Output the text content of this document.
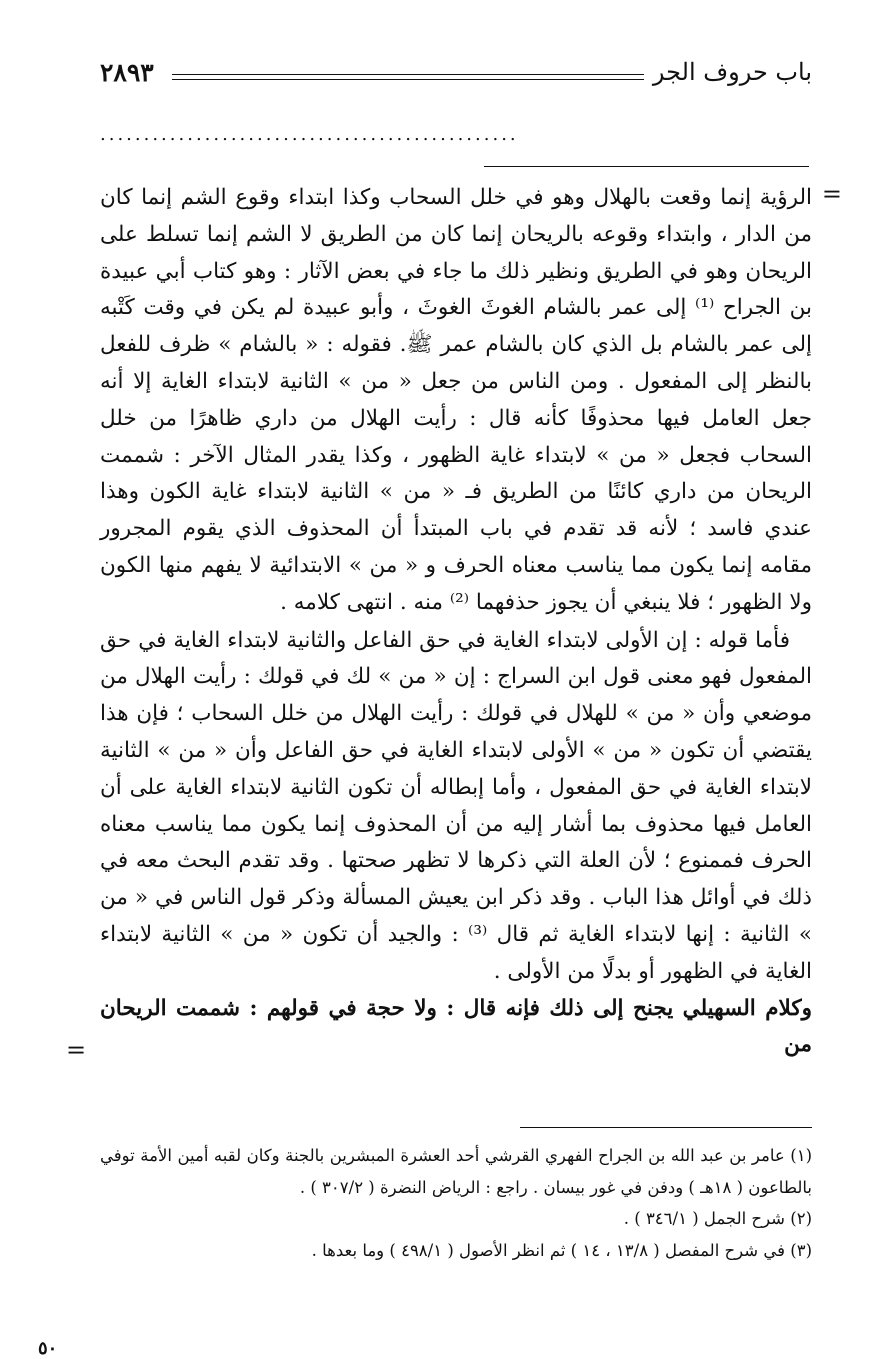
٢٨٩٣	باب حروف الجر
................................................
=

الرؤية إنما وقعت بالهلال وهو في خلل السحاب وكذا ابتداء وقوع الشم إنما كان من الدار ، وابتداء وقوعه بالريحان إنما كان من الطريق لا الشم إنما تسلط على الريحان وهو في الطريق ونظير ذلك ما جاء في بعض الآثار : وهو كتاب أبي عبيدة بن الجراح ⁽¹⁾ إلى عمر بالشام الغوثَ الغوثَ ، وأبو عبيدة لم يكن في وقت كَتْبه إلى عمر بالشام بل الذي كان بالشام عمر ﷺ. فقوله : « بالشام » ظرف للفعل بالنظر إلى المفعول . ومن الناس من جعل « من » الثانية لابتداء الغاية إلا أنه جعل العامل فيها محذوفًا كأنه قال : رأيت الهلال من داري ظاهرًا من خلل السحاب فجعل « من » لابتداء غاية الظهور ، وكذا يقدر المثال الآخر : شممت الريحان من داري كائنًا من الطريق فـ « من » الثانية لابتداء غاية الكون وهذا عندي فاسد ؛ لأنه قد تقدم في باب المبتدأ أن المحذوف الذي يقوم المجرور مقامه إنما يكون مما يناسب معناه الحرف و « من » الابتدائية لا يفهم منها الكون ولا الظهور ؛ فلا ينبغي أن يجوز حذفهما ⁽²⁾ منه . انتهى كلامه .

فأما قوله : إن الأولى لابتداء الغاية في حق الفاعل والثانية لابتداء الغاية في حق المفعول فهو معنى قول ابن السراج : إن « من » لك في قولك : رأيت الهلال من موضعي وأن « من » للهلال في قولك : رأيت الهلال من خلل السحاب ؛ فإن هذا يقتضي أن تكون « من » الأولى لابتداء الغاية في حق الفاعل وأن « من » الثانية لابتداء الغاية في حق المفعول ، وأما إبطاله أن تكون الثانية لابتداء الغاية على أن العامل فيها محذوف بما أشار إليه من أن المحذوف إنما يكون مما يناسب معناه الحرف فممنوع ؛ لأن العلة التي ذكرها لا تظهر صحتها . وقد تقدم البحث معه في ذلك في أوائل هذا الباب . وقد ذكر ابن يعيش المسألة وذكر قول الناس في « من » الثانية : إنها لابتداء الغاية ثم قال ⁽³⁾ : والجيد أن تكون « من » الثانية لابتداء الغاية في الظهور أو بدلًا من الأولى .

وكلام السهيلي يجنح إلى ذلك فإنه قال : ولا حجة في قولهم : شممت الريحان من

=

(١) عامر بن عبد الله بن الجراح الفهري القرشي أحد العشرة المبشرين بالجنة وكان لقبه أمين الأمة توفي بالطاعون ( ١٨هـ ) ودفن في غور بيسان . راجع : الرياض النضرة ( ٣٠٧/٢ ) .

(٢) شرح الجمل ( ٣٤٦/١ ) .

(٣) في شرح المفصل ( ١٣/٨ ، ١٤ ) ثم انظر الأصول ( ٤٩٨/١ ) وما بعدها .

٥٠
